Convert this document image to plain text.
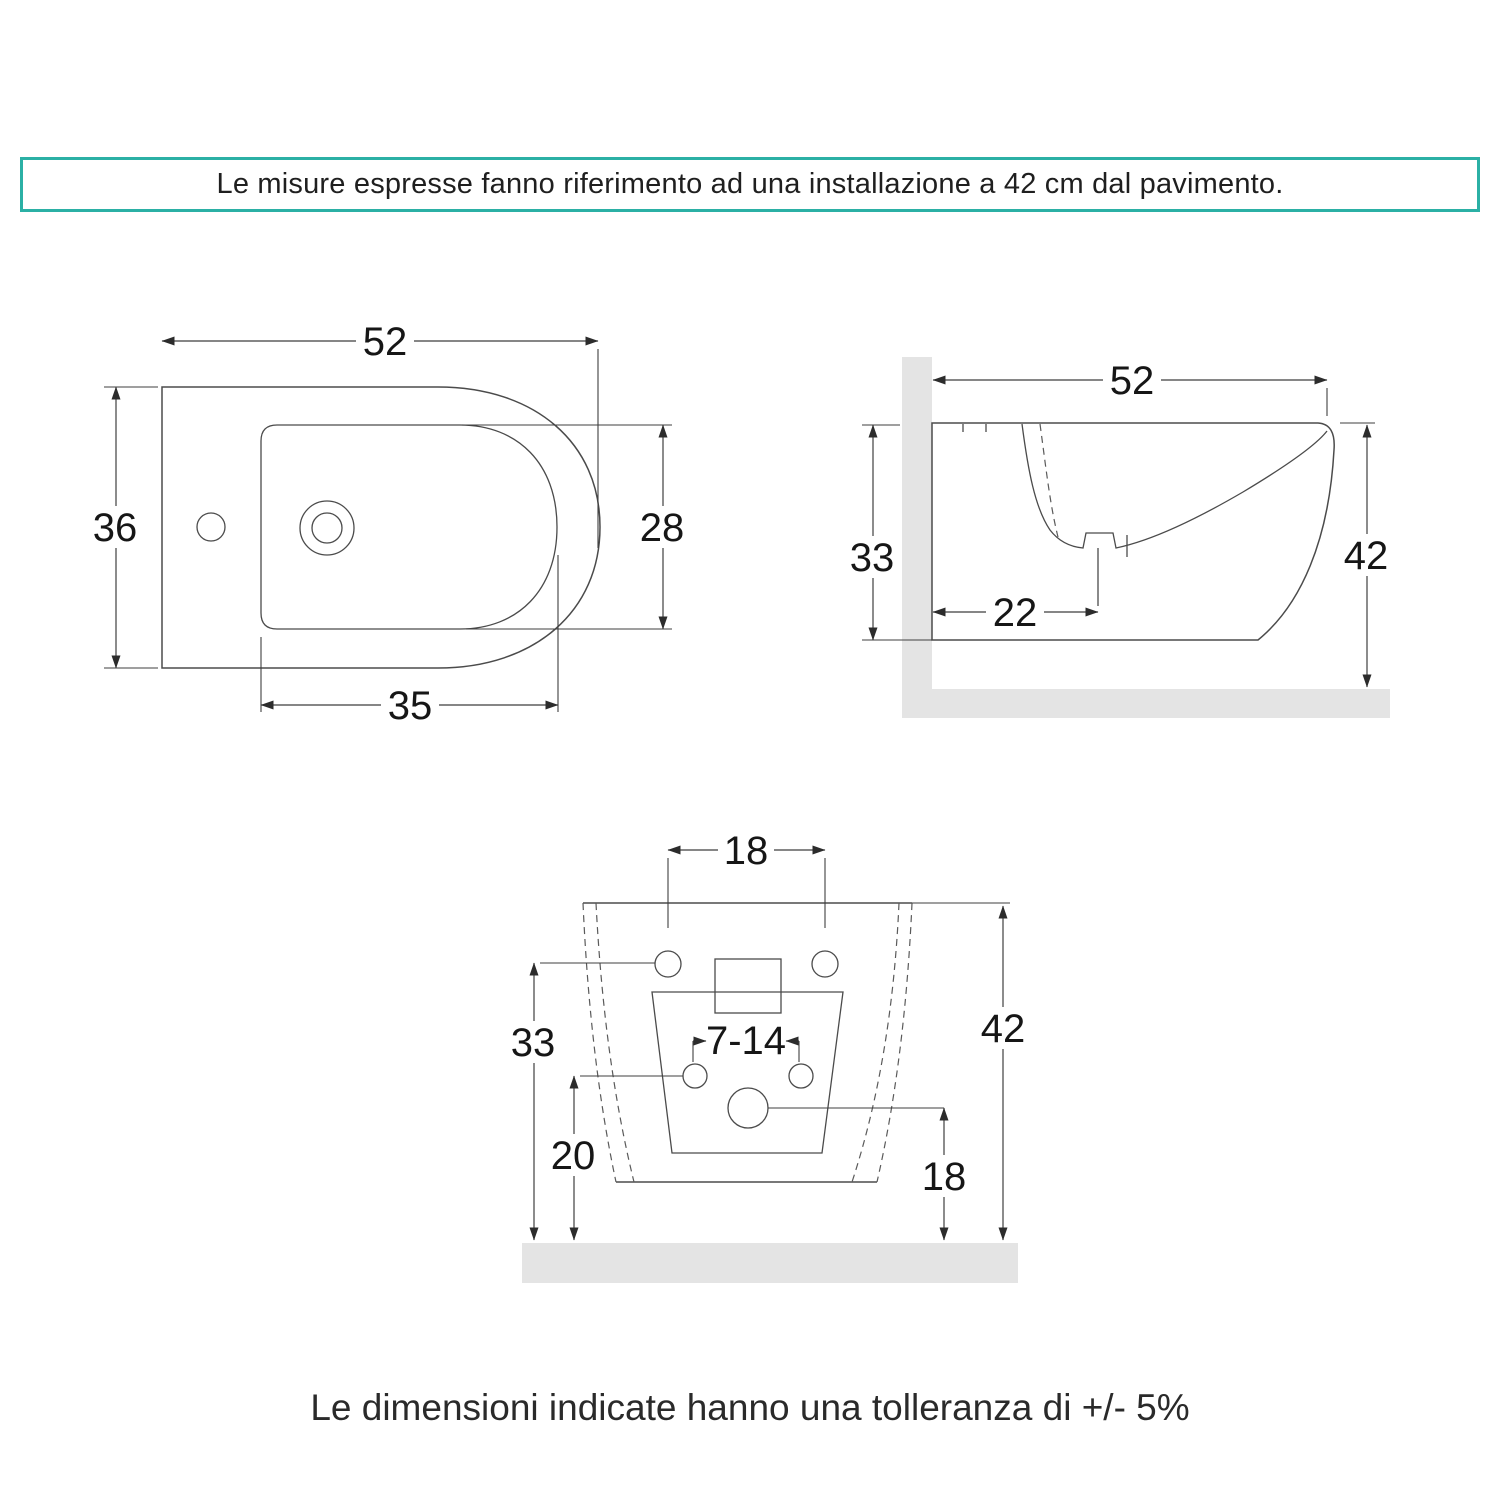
Le misure espresse fanno riferimento ad una installazione a 42 cm dal pavimento.
52
36	28
35
52
33
22
42
18
33
20
7-14
18
42
Le dimensioni indicate hanno una tolleranza di +/- 5%
